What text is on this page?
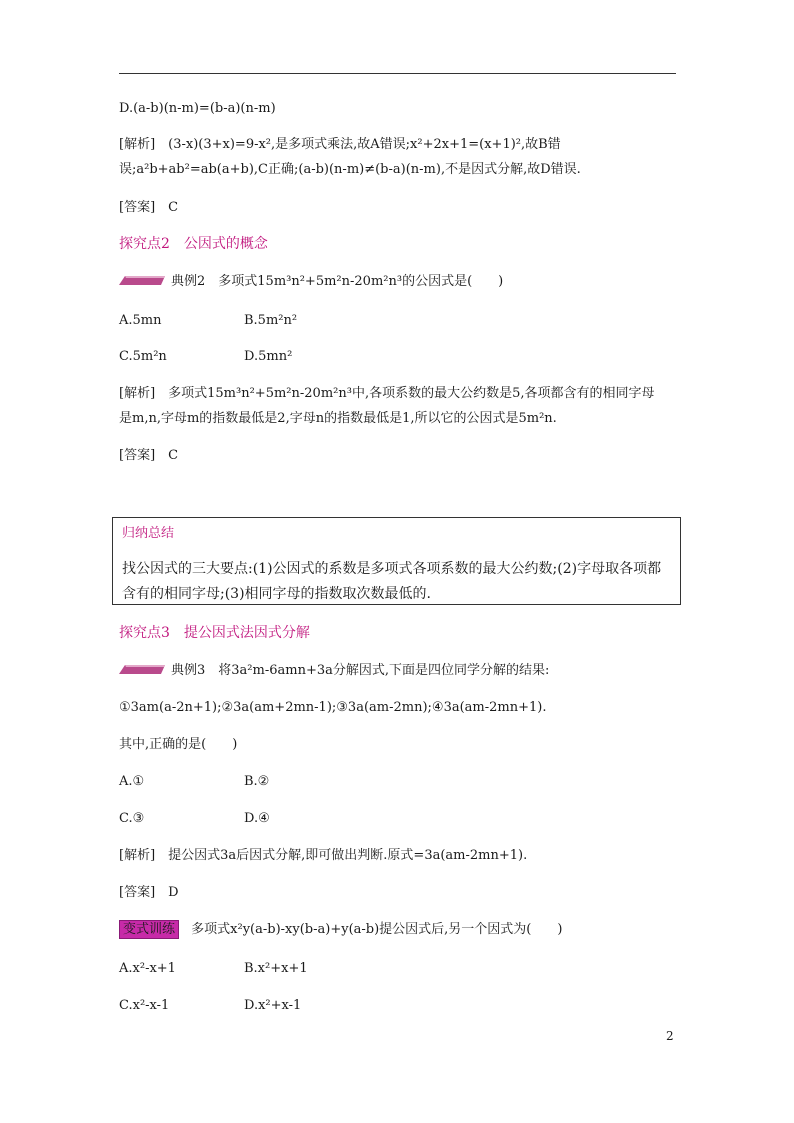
D.(a-b)(n-m)=(b-a)(n-m)
[解析]　(3-x)(3+x)=9-x²,是多项式乘法,故A错误;x²+2x+1=(x+1)²,故B错
误;a²b+ab²=ab(a+b),C正确;(a-b)(n-m)≠(b-a)(n-m),不是因式分解,故D错误.
[答案]　C
探究点2　公因式的概念
典例2　多项式15m³n²+5m²n-20m²n³的公因式是(　　)
A.5mn	B.5m²n²
C.5m²n	D.5mn²
[解析]　多项式15m³n²+5m²n-20m²n³中,各项系数的最大公约数是5,各项都含有的相同字母
是m,n,字母m的指数最低是2,字母n的指数最低是1,所以它的公因式是5m²n.
[答案]　C
归纳总结
找公因式的三大要点:(1)公因式的系数是多项式各项系数的最大公约数;(2)字母取各项都
含有的相同字母;(3)相同字母的指数取次数最低的.
探究点3　提公因式法因式分解
典例3　将3a²m-6amn+3a分解因式,下面是四位同学分解的结果:
①3am(a-2n+1);②3a(am+2mn-1);③3a(am-2mn);④3a(am-2mn+1).
其中,正确的是(　　)
A.①	B.②
C.③	D.④
[解析]　提公因式3a后因式分解,即可做出判断.原式=3a(am-2mn+1).
[答案]　D
变式训练 多项式x²y(a-b)-xy(b-a)+y(a-b)提公因式后,另一个因式为(　　)
A.x²-x+1	B.x²+x+1
C.x²-x-1	D.x²+x-1
2
